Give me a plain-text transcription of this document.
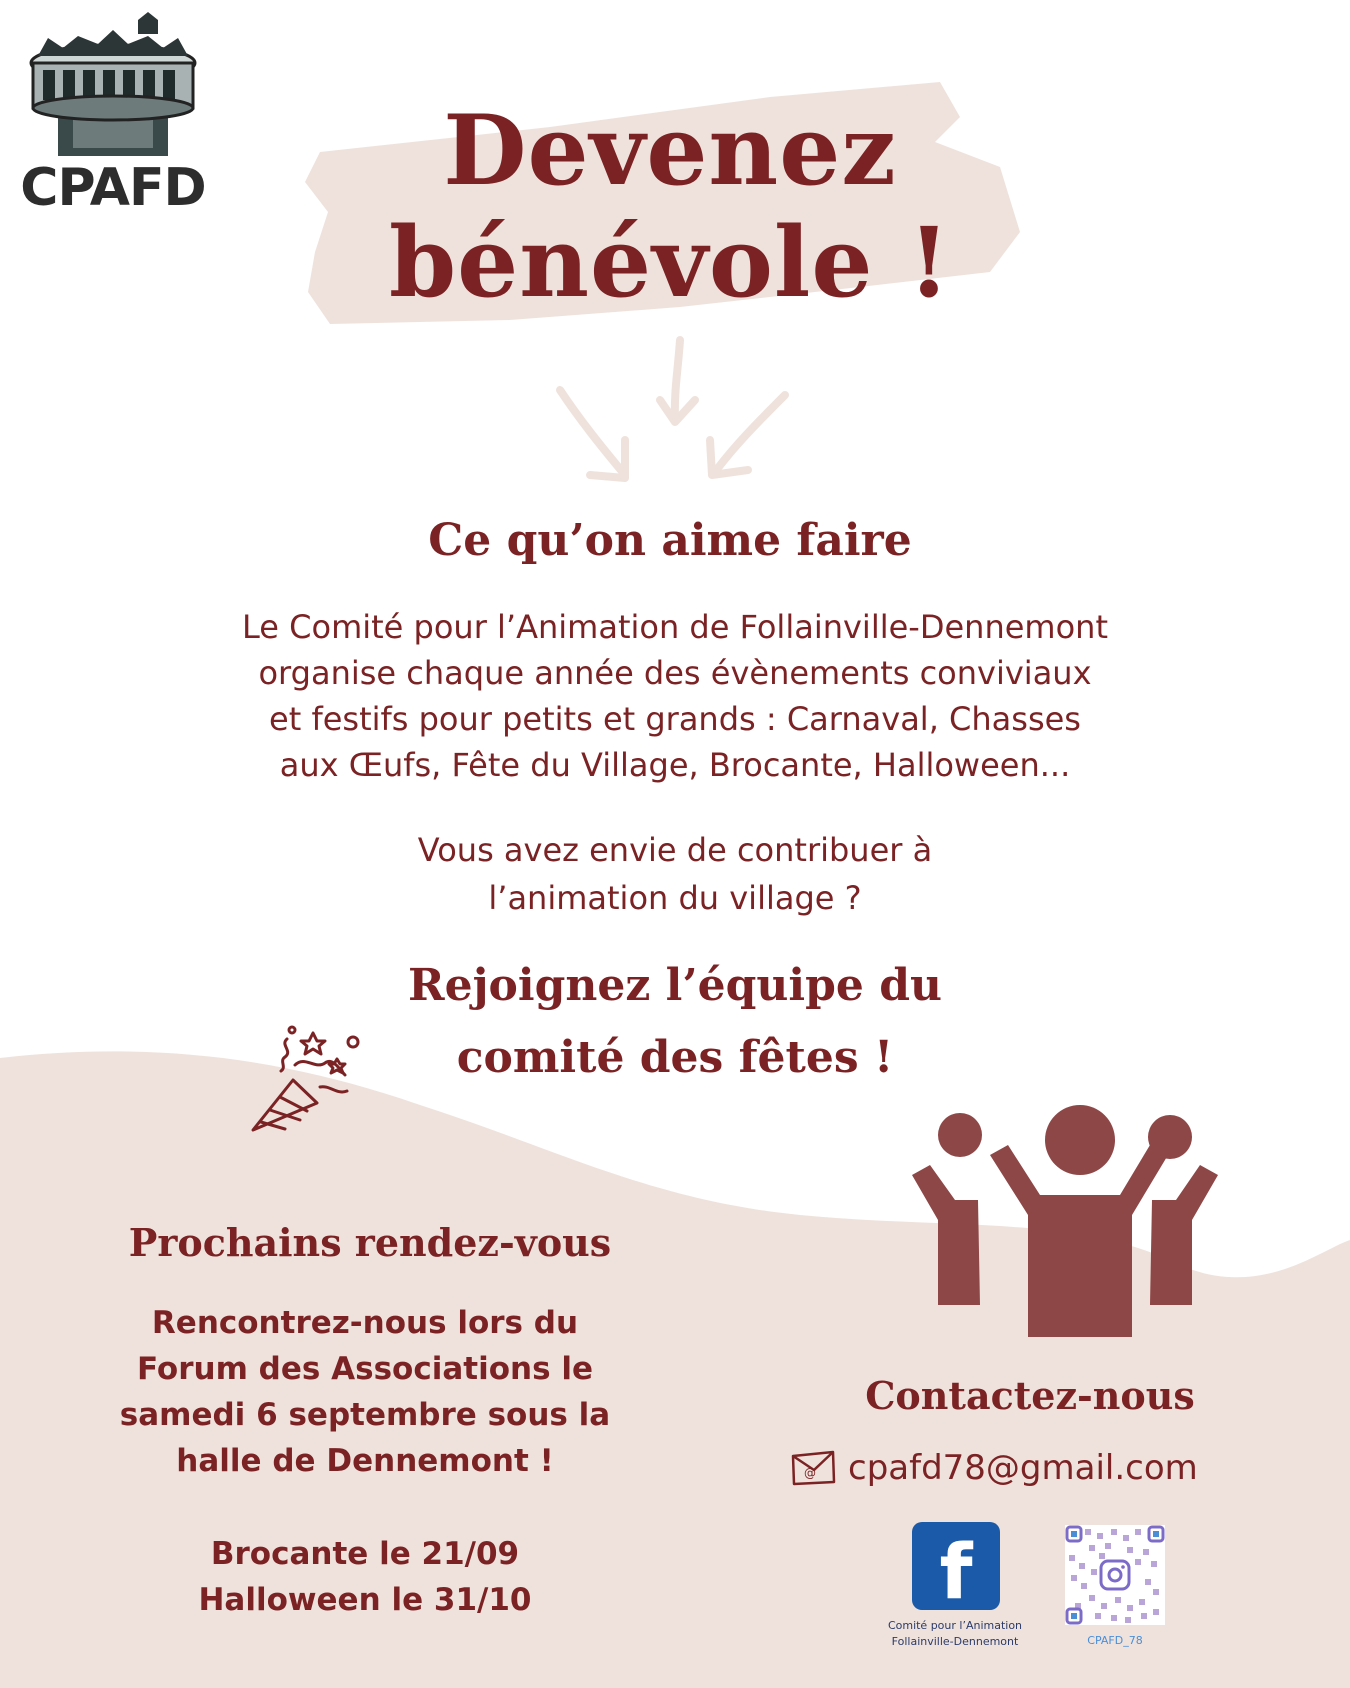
CPAFD	Devenez
bénévole !
Ce qu’on aime faire
Le Comité pour l’Animation de Follainville-Dennemont
organise chaque année des évènements conviviaux
et festifs pour petits et grands : Carnaval, Chasses
aux Œufs, Fête du Village, Brocante, Halloween...
Vous avez envie de contribuer à
l’animation du village ?
Rejoignez l’équipe du
comité des fêtes !
Prochains rendez-vous
Rencontrez-nous lors du
Forum des Associations le
samedi 6 septembre sous la
halle de Dennemont !
Brocante le 21/09
Halloween le 31/10
Contactez-nous
@ cpafd78@gmail.com
f
Comité pour l’Animation
Follainville-Dennemont	CPAFD_78
